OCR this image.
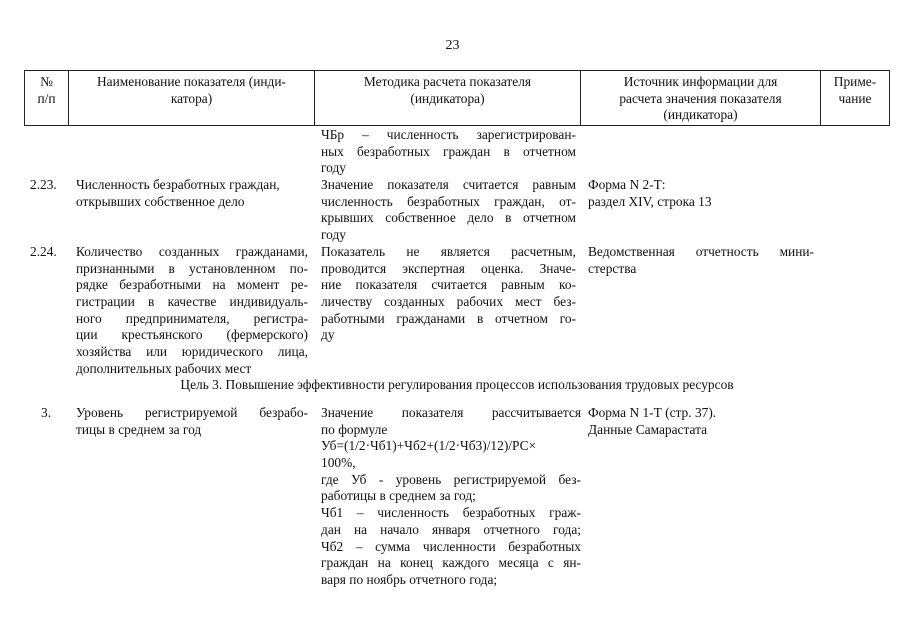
23
№
п/п
Наименование показателя (инди-
катора)
Методика расчета показателя
(индикатора)
Источник информации для
расчета значения показателя
(индикатора)
Приме-
чание
ЧБр – численность зарегистрирован-
ных безработных граждан в отчетном
году
2.23. Численность безработных граждан,
открывших собственное дело
Значение показателя считается равным
численность безработных граждан, от-
крывших собственное дело в отчетном
году
Форма N 2-Т:
раздел XIV, строка 13
2.24. Количество созданных гражданами,
признанными в установленном по-
рядке безработными на момент ре-
гистрации в качестве индивидуаль-
ного предпринимателя, регистра-
ции крестьянского (фермерского)
хозяйства или юридического лица,
дополнительных рабочих мест
Показатель не является расчетным,
проводится экспертная оценка. Значе-
ние показателя считается равным ко-
личеству созданных рабочих мест без-
работными гражданами в отчетном го-
ду
Ведомственная отчетность мини-
стерства
Цель 3. Повышение эффективности регулирования процессов использования трудовых ресурсов
3. Уровень регистрируемой безрабо-
тицы в среднем за год
Значение показателя рассчитывается
по формуле
Уб=(1/2·Чб1)+Чб2+(1/2·Чб3)/12)/РС×
100%,
где Уб - уровень регистрируемой без-
работицы в среднем за год;
Чб1 – численность безработных граж-
дан на начало января отчетного года;
Чб2 – сумма численности безработных
граждан на конец каждого месяца с ян-
варя по ноябрь отчетного года;
Форма N 1-Т (стр. 37).
Данные Самарастата
